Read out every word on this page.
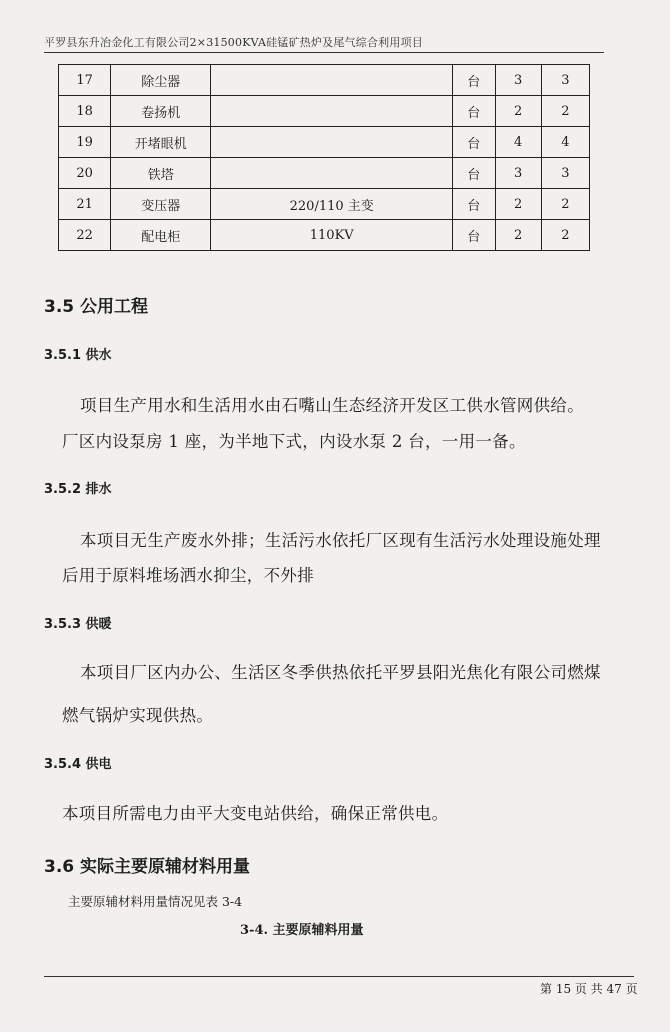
平罗县东升冶金化工有限公司2×31500KVA硅锰矿热炉及尾气综合利用项目
17	除尘器		台	3	3
18	卷扬机		台	2	2
19	开堵眼机		台	4	4
20	铁塔		台	3	3
21	变压器	220/110 主变	台	2	2
22	配电柜	110KV	台	2	2
3.5 公用工程
3.5.1 供水
项目生产用水和生活用水由石嘴山生态经济开发区工供水管网供给。
厂区内设泵房 1 座，为半地下式，内设水泵 2 台，一用一备。
3.5.2 排水
本项目无生产废水外排；生活污水依托厂区现有生活污水处理设施处理
后用于原料堆场洒水抑尘，不外排
3.5.3 供暖
本项目厂区内办公、生活区冬季供热依托平罗县阳光焦化有限公司燃煤
燃气锅炉实现供热。
3.5.4 供电
本项目所需电力由平大变电站供给，确保正常供电。
3.6 实际主要原辅材料用量
主要原辅材料用量情况见表 3-4
3-4. 主要原辅料用量
第 15 页 共 47 页
